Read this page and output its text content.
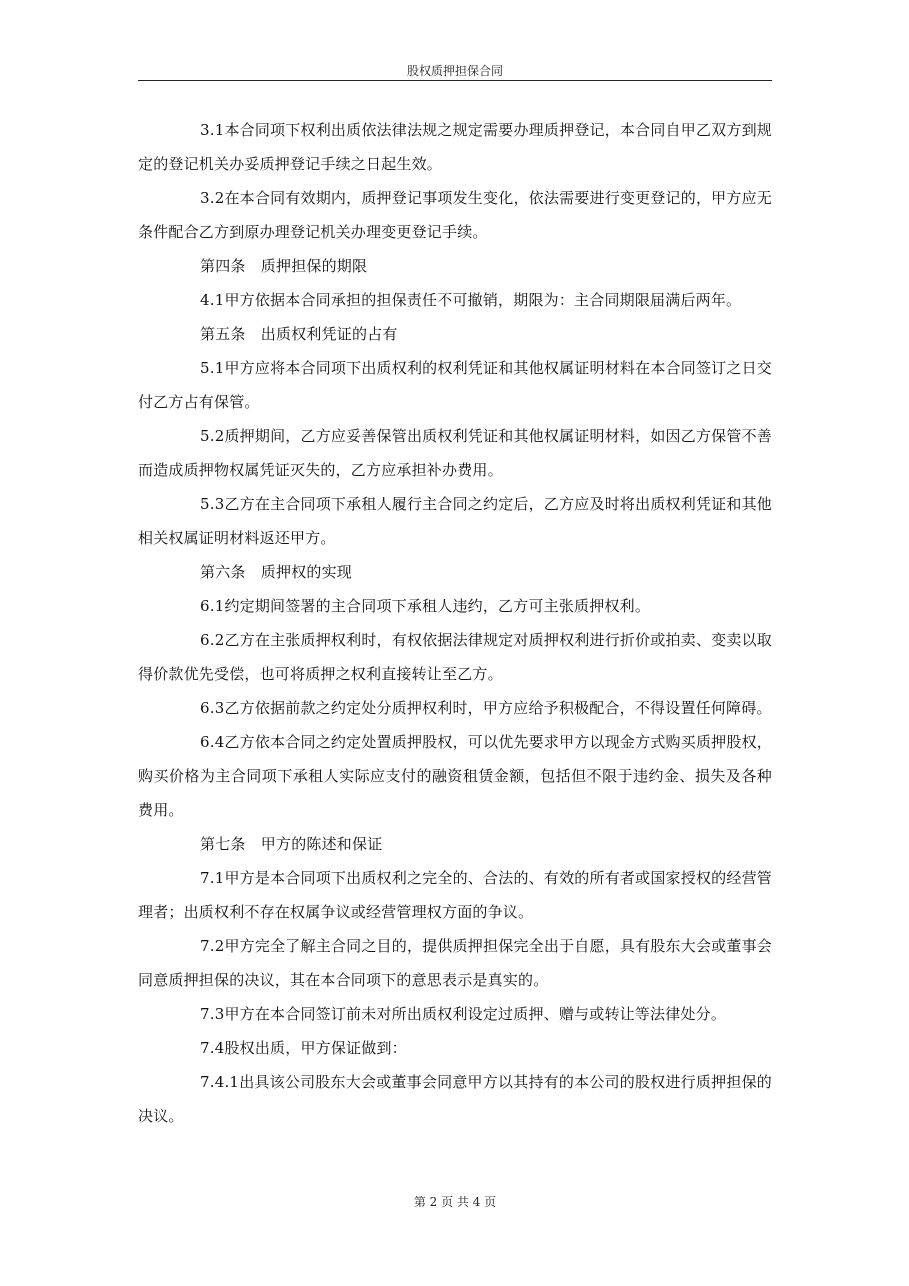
股权质押担保合同

3.1本合同项下权利出质依法律法规之规定需要办理质押登记，本合同自甲乙双方到规定的登记机关办妥质押登记手续之日起生效。

3.2在本合同有效期内，质押登记事项发生变化，依法需要进行变更登记的，甲方应无条件配合乙方到原办理登记机关办理变更登记手续。

第四条　质押担保的期限

4.1甲方依据本合同承担的担保责任不可撤销，期限为：主合同期限届满后两年。

第五条　出质权利凭证的占有

5.1甲方应将本合同项下出质权利的权利凭证和其他权属证明材料在本合同签订之日交付乙方占有保管。

5.2质押期间，乙方应妥善保管出质权利凭证和其他权属证明材料，如因乙方保管不善而造成质押物权属凭证灭失的，乙方应承担补办费用。

5.3乙方在主合同项下承租人履行主合同之约定后，乙方应及时将出质权利凭证和其他相关权属证明材料返还甲方。

第六条　质押权的实现

6.1约定期间签署的主合同项下承租人违约，乙方可主张质押权利。

6.2乙方在主张质押权利时，有权依据法律规定对质押权利进行折价或拍卖、变卖以取得价款优先受偿，也可将质押之权利直接转让至乙方。

6.3乙方依据前款之约定处分质押权利时，甲方应给予积极配合，不得设置任何障碍。

6.4乙方依本合同之约定处置质押股权，可以优先要求甲方以现金方式购买质押股权，购买价格为主合同项下承租人实际应支付的融资租赁金额，包括但不限于违约金、损失及各种费用。

第七条　甲方的陈述和保证

7.1甲方是本合同项下出质权利之完全的、合法的、有效的所有者或国家授权的经营管理者；出质权利不存在权属争议或经营管理权方面的争议。

7.2甲方完全了解主合同之目的，提供质押担保完全出于自愿，具有股东大会或董事会同意质押担保的决议，其在本合同项下的意思表示是真实的。

7.3甲方在本合同签订前未对所出质权利设定过质押、赠与或转让等法律处分。

7.4股权出质，甲方保证做到：

7.4.1出具该公司股东大会或董事会同意甲方以其持有的本公司的股权进行质押担保的决议。

第 2 页 共 4 页
